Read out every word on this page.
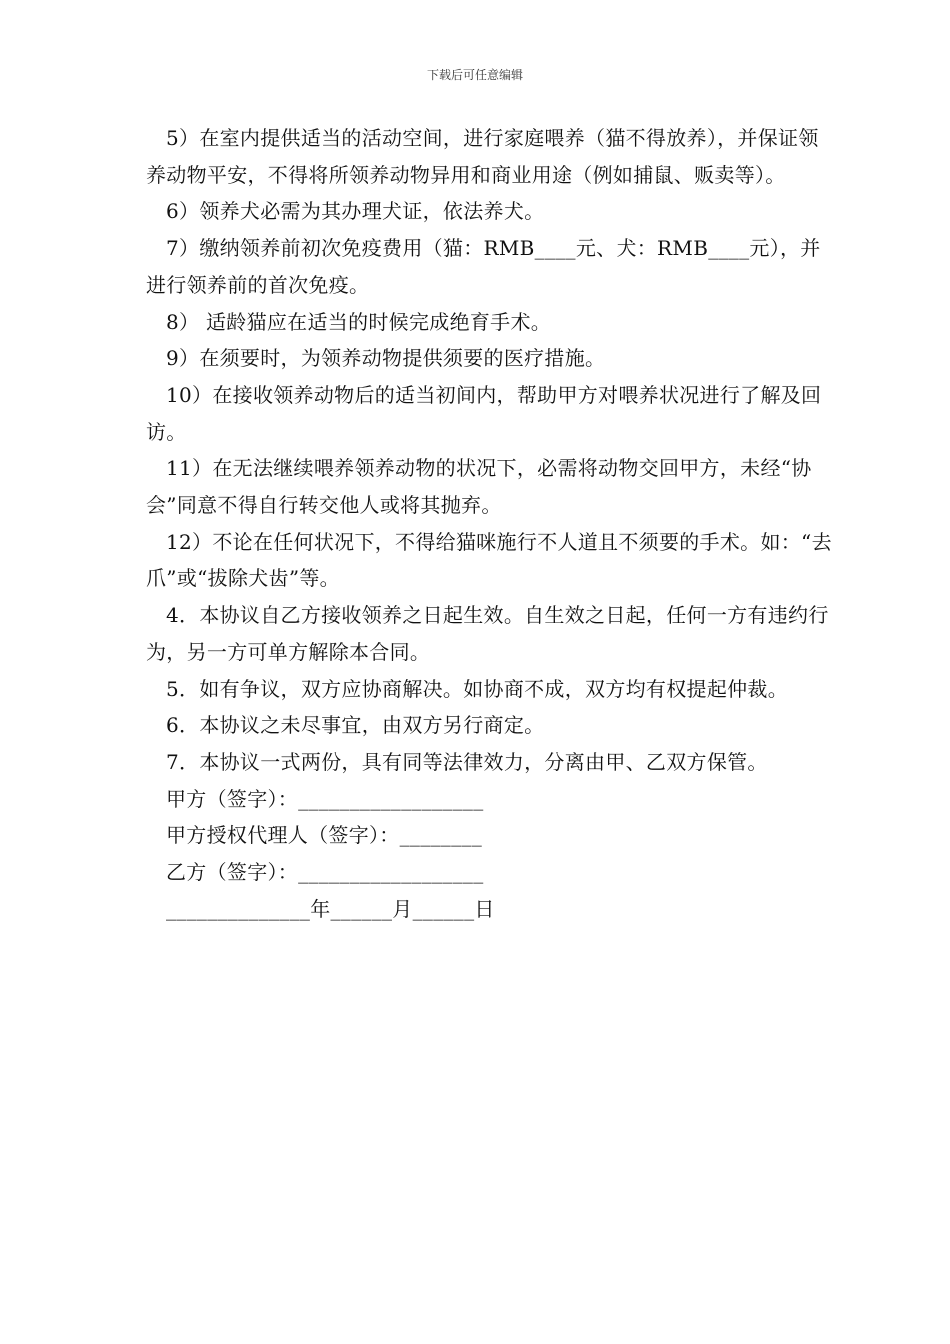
下载后可任意编辑

5）在室内提供适当的活动空间，进行家庭喂养（猫不得放养），并保证领养动物平安，不得将所领养动物异用和商业用途（例如捕鼠、贩卖等）。

6）领养犬必需为其办理犬证，依法养犬。

7）缴纳领养前初次免疫费用（猫：RMB____元、犬：RMB____元），并进行领养前的首次免疫。

8） 适龄猫应在适当的时候完成绝育手术。

9）在须要时，为领养动物提供须要的医疗措施。

10）在接收领养动物后的适当初间内，帮助甲方对喂养状况进行了解及回访。

11）在无法继续喂养领养动物的状况下，必需将动物交回甲方，未经“协会”同意不得自行转交他人或将其抛弃。

12）不论在任何状况下，不得给猫咪施行不人道且不须要的手术。如：“去爪”或“拔除犬齿”等。

4．本协议自乙方接收领养之日起生效。自生效之日起，任何一方有违约行为，另一方可单方解除本合同。

5．如有争议，双方应协商解决。如协商不成，双方均有权提起仲裁。

6．本协议之未尽事宜，由双方另行商定。

7．本协议一式两份，具有同等法律效力，分离由甲、乙双方保管。

甲方（签字）：__________________

甲方授权代理人（签字）：________

乙方（签字）：__________________

______________年______月______日
